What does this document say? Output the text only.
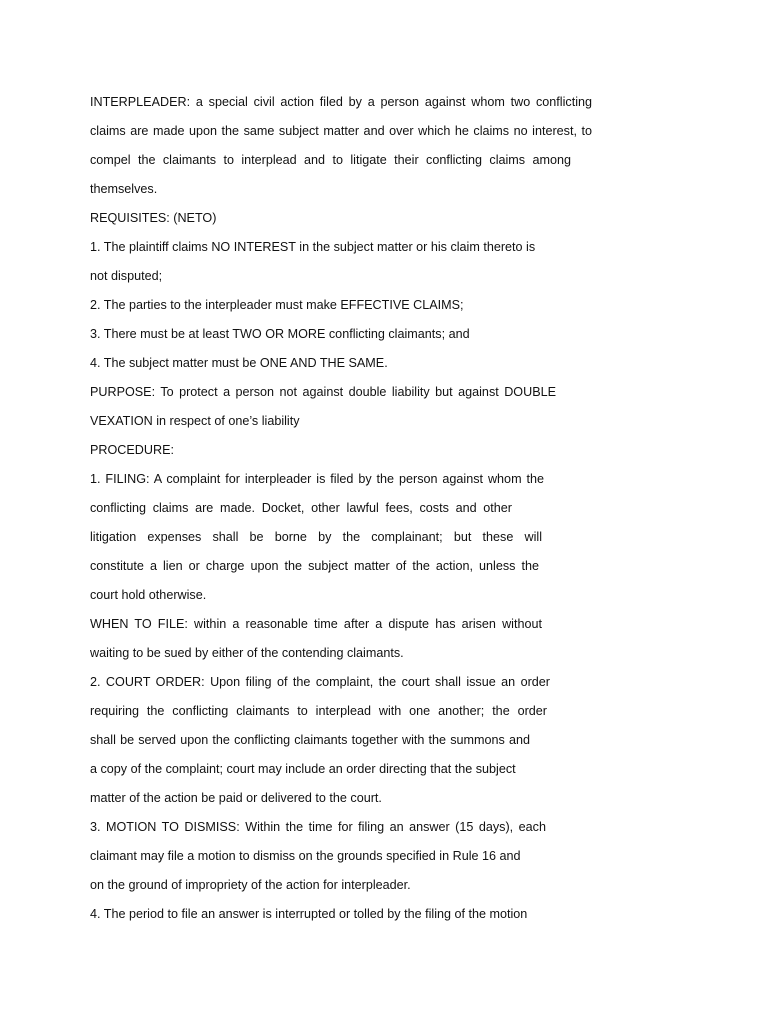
INTERPLEADER: a special civil action filed by a person against whom two conflicting
claims are made upon the same subject matter and over which he claims no interest, to
compel the claimants to interplead and to litigate their conflicting claims among
themselves.
REQUISITES: (NETO)
1. The plaintiff claims NO INTEREST in the subject matter or his claim thereto is
not disputed;
2. The parties to the interpleader must make EFFECTIVE CLAIMS;
3. There must be at least TWO OR MORE conflicting claimants; and
4. The subject matter must be ONE AND THE SAME.
PURPOSE: To protect a person not against double liability but against DOUBLE
VEXATION in respect of one’s liability
PROCEDURE:
1. FILING: A complaint for interpleader is filed by the person against whom the
conflicting claims are made. Docket, other lawful fees, costs and other
litigation expenses shall be borne by the complainant; but these will
constitute a lien or charge upon the subject matter of the action, unless the
court hold otherwise.
WHEN TO FILE: within a reasonable time after a dispute has arisen without
waiting to be sued by either of the contending claimants.
2. COURT ORDER: Upon filing of the complaint, the court shall issue an order
requiring the conflicting claimants to interplead with one another; the order
shall be served upon the conflicting claimants together with the summons and
a copy of the complaint; court may include an order directing that the subject
matter of the action be paid or delivered to the court.
3. MOTION TO DISMISS: Within the time for filing an answer (15 days), each
claimant may file a motion to dismiss on the grounds specified in Rule 16 and
on the ground of impropriety of the action for interpleader.
4. The period to file an answer is interrupted or tolled by the filing of the motion
